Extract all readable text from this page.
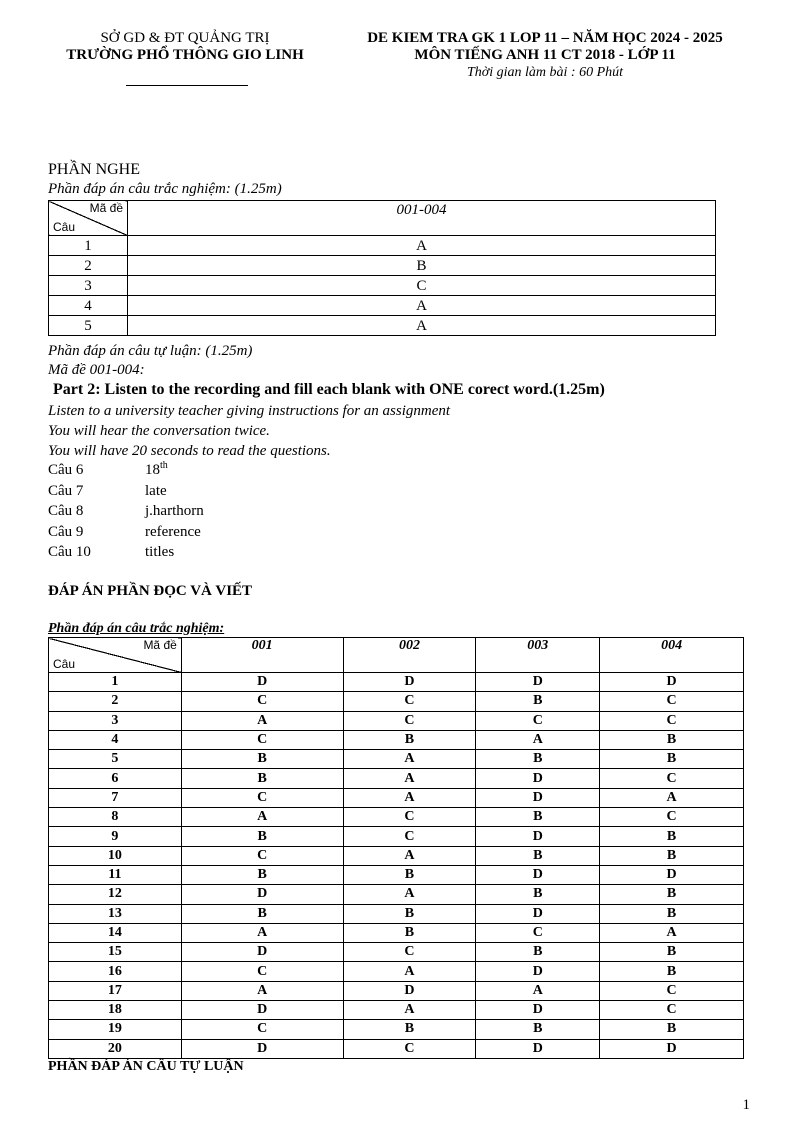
SỞ GD & ĐT QUẢNG TRỊ
TRƯỜNG PHỔ THÔNG GIO LINH
DE KIEM TRA GK 1 LOP 11 – NĂM HỌC 2024 - 2025
MÔN TIẾNG ANH 11 CT 2018 - LỚP 11
Thời gian làm bài : 60 Phút
PHẦN NGHE
Phần đáp án câu trắc nghiệm: (1.25m)
Mã đề
Câu	001-004
1	A
2	B
3	C
4	A
5	A
Phần đáp án câu tự luận: (1.25m)
Mã đề 001-004:
Part 2: Listen to the recording and fill each blank with ONE corect word.(1.25m)
Listen to a university teacher giving instructions for an assignment
You will hear the conversation twice.
You will have 20 seconds to read the questions.
Câu 6	18th
Câu 7	late
Câu 8	j.harthorn
Câu 9	reference
Câu 10	titles
ĐÁP ÁN PHẦN ĐỌC VÀ VIẾT
Phần đáp án câu trắc nghiệm:
Mã đề
Câu	001	002	003	004
1	D	D	D	D
2	C	C	B	C
3	A	C	C	C
4	C	B	A	B
5	B	A	B	B
6	B	A	D	C
7	C	A	D	A
8	A	C	B	C
9	B	C	D	B
10	C	A	B	B
11	B	B	D	D
12	D	A	B	B
13	B	B	D	B
14	A	B	C	A
15	D	C	B	B
16	C	A	D	B
17	A	D	A	C
18	D	A	D	C
19	C	B	B	B
20	D	C	D	D
PHẦN ĐÁP ÁN CÂU TỰ LUẬN
1
